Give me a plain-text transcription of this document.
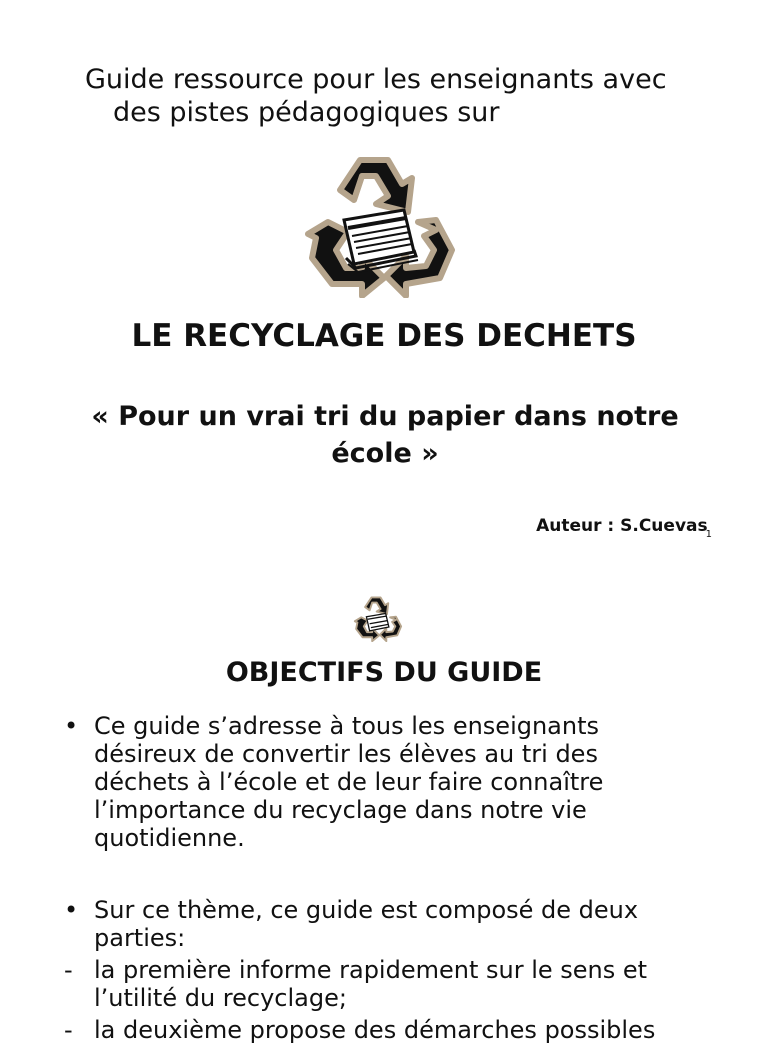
Guide ressource pour les enseignants avec
des pistes pédagogiques sur
LE RECYCLAGE DES DECHETS
« Pour un vrai tri du papier dans notre
école »
Auteur : S.Cuevas$_1$
OBJECTIFS DU GUIDE
• Ce guide s’adresse à tous les enseignants
désireux de convertir les élèves au tri des
déchets à l’école et de leur faire connaître
l’importance du recyclage dans notre vie
quotidienne.
• Sur ce thème, ce guide est composé de deux
parties:
- la première informe rapidement sur le sens et
l’utilité du recyclage;
- la deuxième propose des démarches possibles
